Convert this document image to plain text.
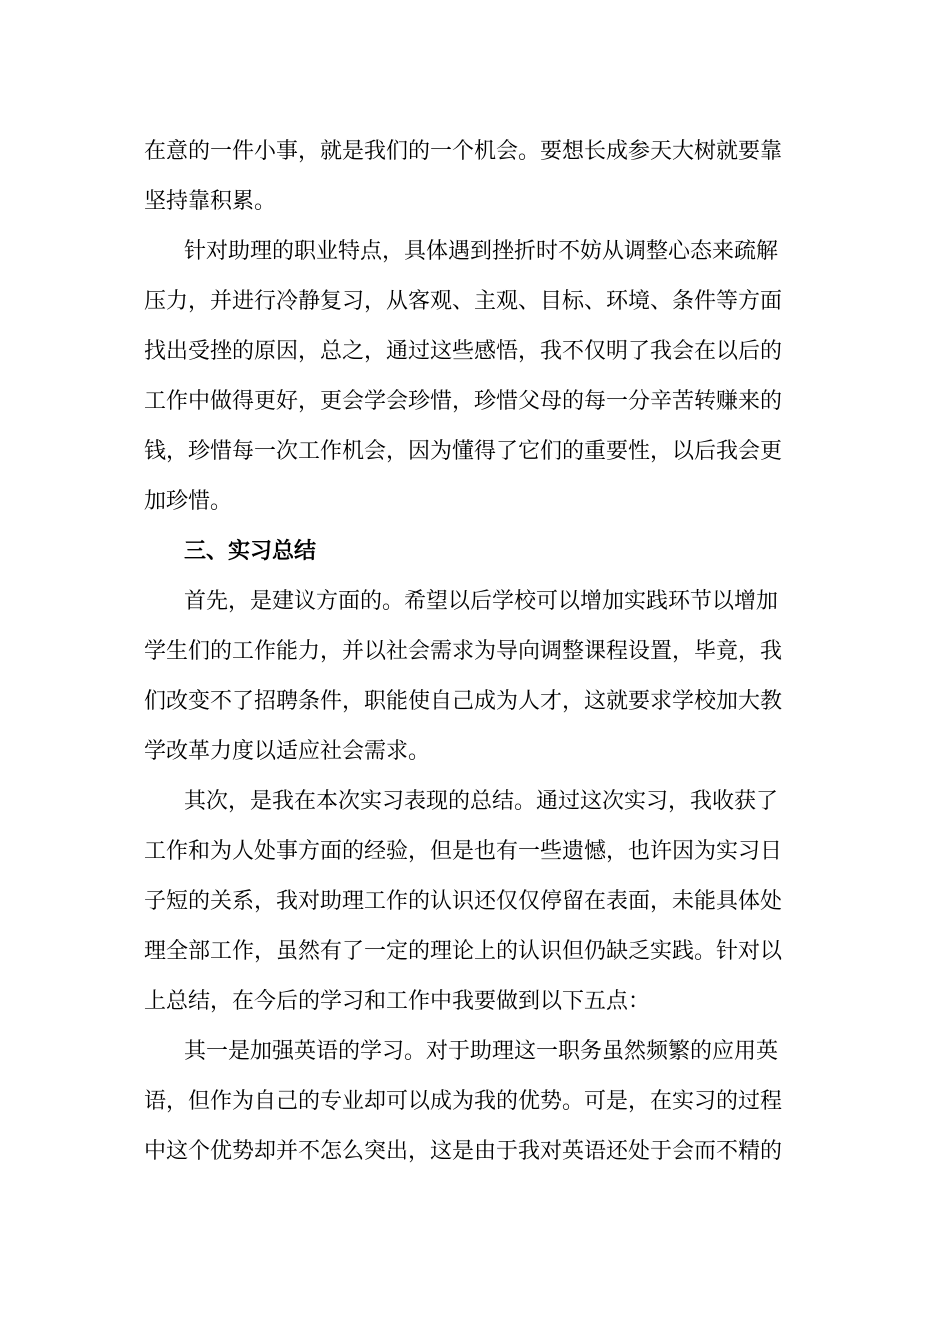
在意的一件小事，就是我们的一个机会。要想长成参天大树就要靠
坚持靠积累。
针对助理的职业特点，具体遇到挫折时不妨从调整心态来疏解
压力，并进行冷静复习，从客观、主观、目标、环境、条件等方面
找出受挫的原因，总之，通过这些感悟，我不仅明了我会在以后的
工作中做得更好，更会学会珍惜，珍惜父母的每一分辛苦转赚来的
钱，珍惜每一次工作机会，因为懂得了它们的重要性，以后我会更
加珍惜。
三、实习总结
首先，是建议方面的。希望以后学校可以增加实践环节以增加
学生们的工作能力，并以社会需求为导向调整课程设置，毕竟，我
们改变不了招聘条件，职能使自己成为人才，这就要求学校加大教
学改革力度以适应社会需求。
其次，是我在本次实习表现的总结。通过这次实习，我收获了
工作和为人处事方面的经验，但是也有一些遗憾，也许因为实习日
子短的关系，我对助理工作的认识还仅仅停留在表面，未能具体处
理全部工作，虽然有了一定的理论上的认识但仍缺乏实践。针对以
上总结，在今后的学习和工作中我要做到以下五点：
其一是加强英语的学习。对于助理这一职务虽然频繁的应用英
语，但作为自己的专业却可以成为我的优势。可是，在实习的过程
中这个优势却并不怎么突出，这是由于我对英语还处于会而不精的
